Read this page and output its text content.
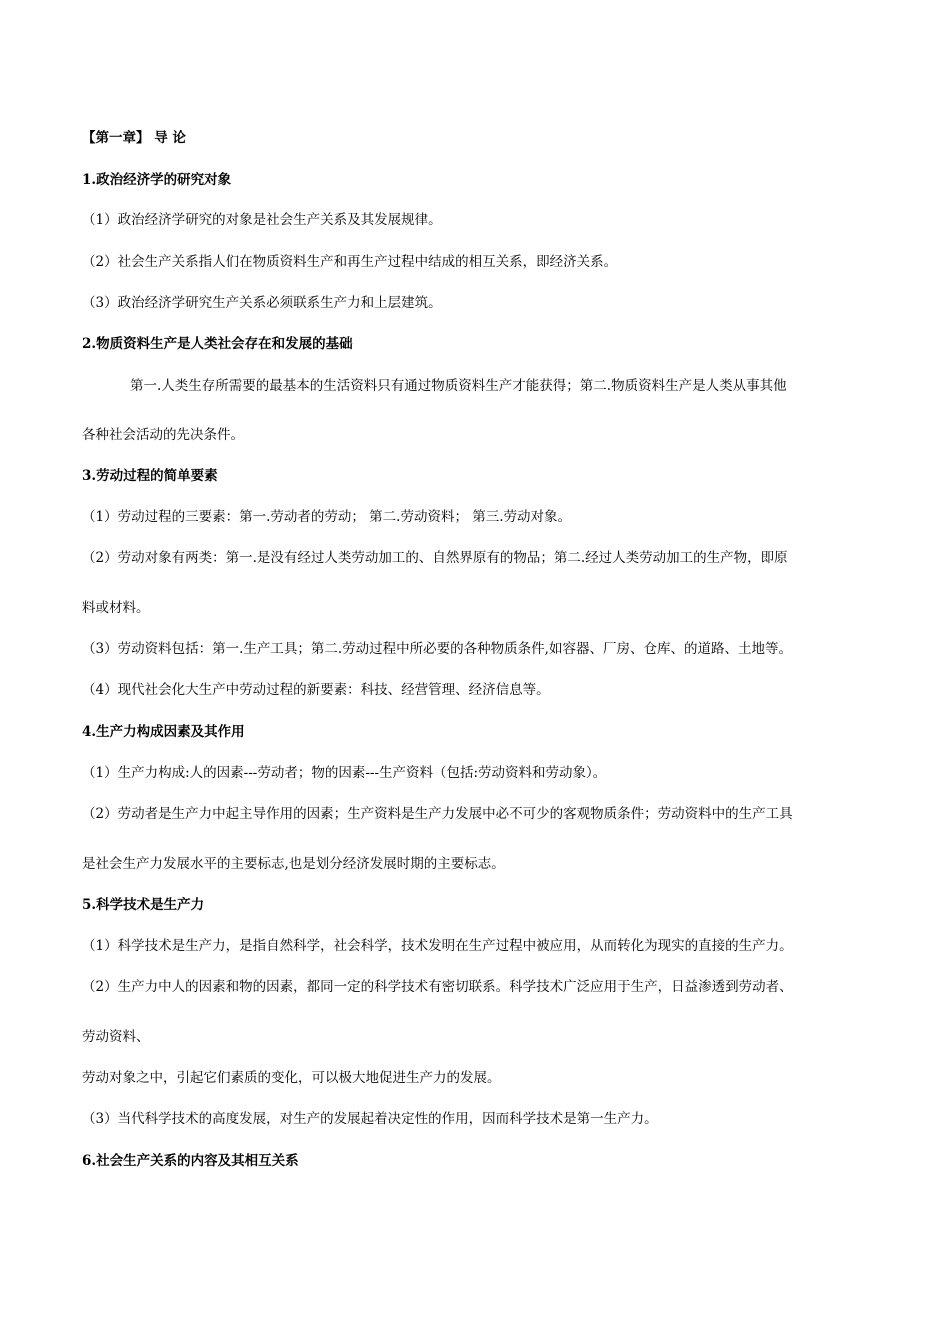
【第一章】 导 论
1.政治经济学的研究对象
（1）政治经济学研究的对象是社会生产关系及其发展规律。
（2）社会生产关系指人们在物质资料生产和再生产过程中结成的相互关系，即经济关系。
（3）政治经济学研究生产关系必须联系生产力和上层建筑。
2.物质资料生产是人类社会存在和发展的基础
第一.人类生存所需要的最基本的生活资料只有通过物质资料生产才能获得；第二.物质资料生产是人类从事其他
各种社会活动的先决条件。
3.劳动过程的简单要素
（1）劳动过程的三要素：第一.劳动者的劳动； 第二.劳动资料； 第三.劳动对象。
（2）劳动对象有两类：第一.是没有经过人类劳动加工的、自然界原有的物品；第二.经过人类劳动加工的生产物，即原
料或材料。
（3）劳动资料包括：第一.生产工具；第二.劳动过程中所必要的各种物质条件,如容器、厂房、仓库、的道路、土地等。
（4）现代社会化大生产中劳动过程的新要素：科技、经营管理、经济信息等。
4.生产力构成因素及其作用
（1）生产力构成:人的因素---劳动者；物的因素---生产资料（包括:劳动资料和劳动象）。
（2）劳动者是生产力中起主导作用的因素；生产资料是生产力发展中必不可少的客观物质条件；劳动资料中的生产工具
是社会生产力发展水平的主要标志,也是划分经济发展时期的主要标志。
5.科学技术是生产力
（1）科学技术是生产力，是指自然科学，社会科学，技术发明在生产过程中被应用，从而转化为现实的直接的生产力。
（2）生产力中人的因素和物的因素，都同一定的科学技术有密切联系。科学技术广泛应用于生产，日益渗透到劳动者、
劳动资料、
劳动对象之中，引起它们素质的变化，可以极大地促进生产力的发展。
（3）当代科学技术的高度发展，对生产的发展起着决定性的作用，因而科学技术是第一生产力。
6.社会生产关系的内容及其相互关系
